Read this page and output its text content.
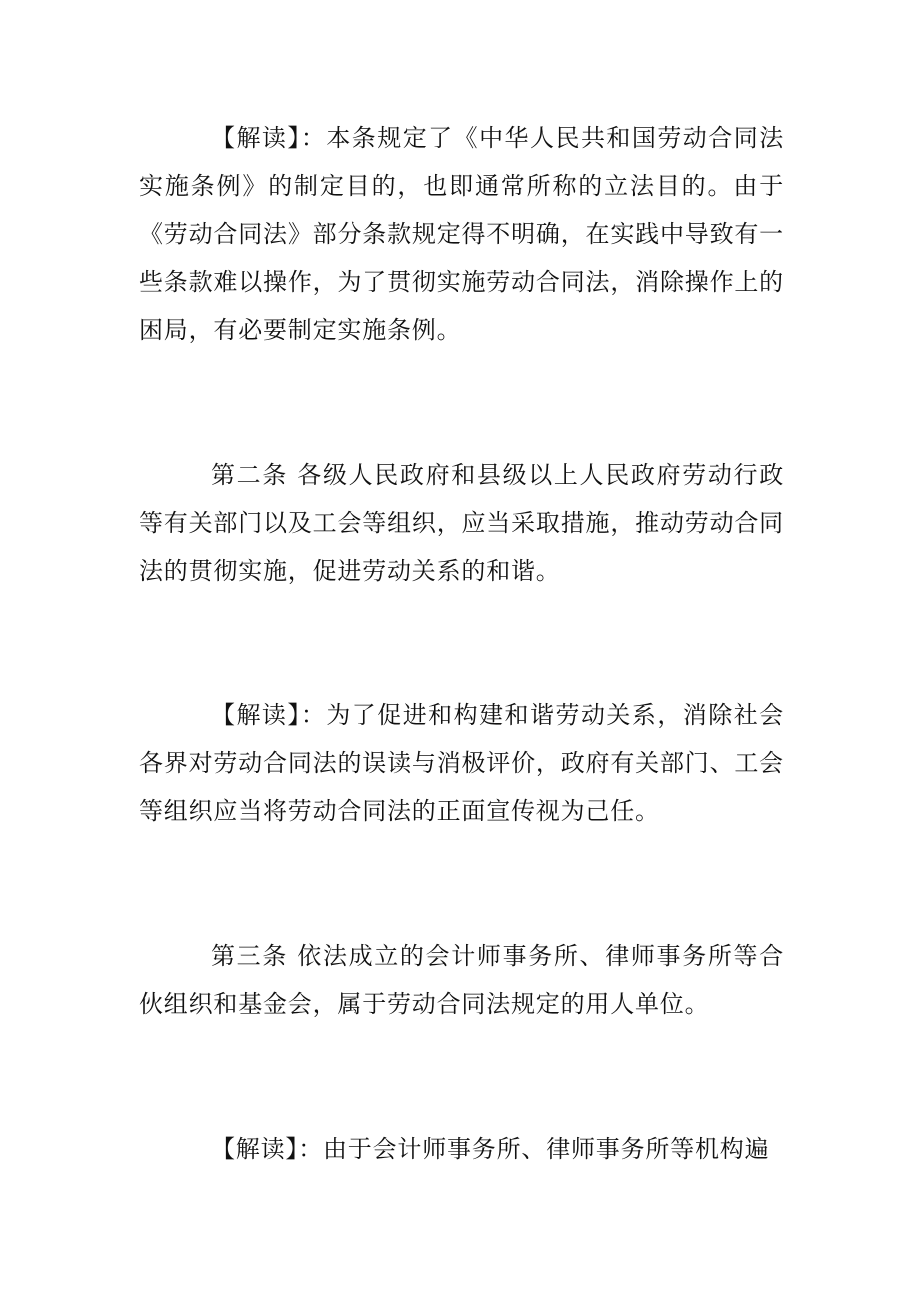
【解读】：本条规定了《中华人民共和国劳动合同法实施条例》的制定目的，也即通常所称的立法目的。由于《劳动合同法》部分条款规定得不明确，在实践中导致有一些条款难以操作，为了贯彻实施劳动合同法，消除操作上的困局，有必要制定实施条例。

第二条 各级人民政府和县级以上人民政府劳动行政等有关部门以及工会等组织，应当采取措施，推动劳动合同法的贯彻实施，促进劳动关系的和谐。

【解读】：为了促进和构建和谐劳动关系，消除社会各界对劳动合同法的误读与消极评价，政府有关部门、工会等组织应当将劳动合同法的正面宣传视为己任。

第三条 依法成立的会计师事务所、律师事务所等合伙组织和基金会，属于劳动合同法规定的用人单位。

【解读】：由于会计师事务所、律师事务所等机构遍
